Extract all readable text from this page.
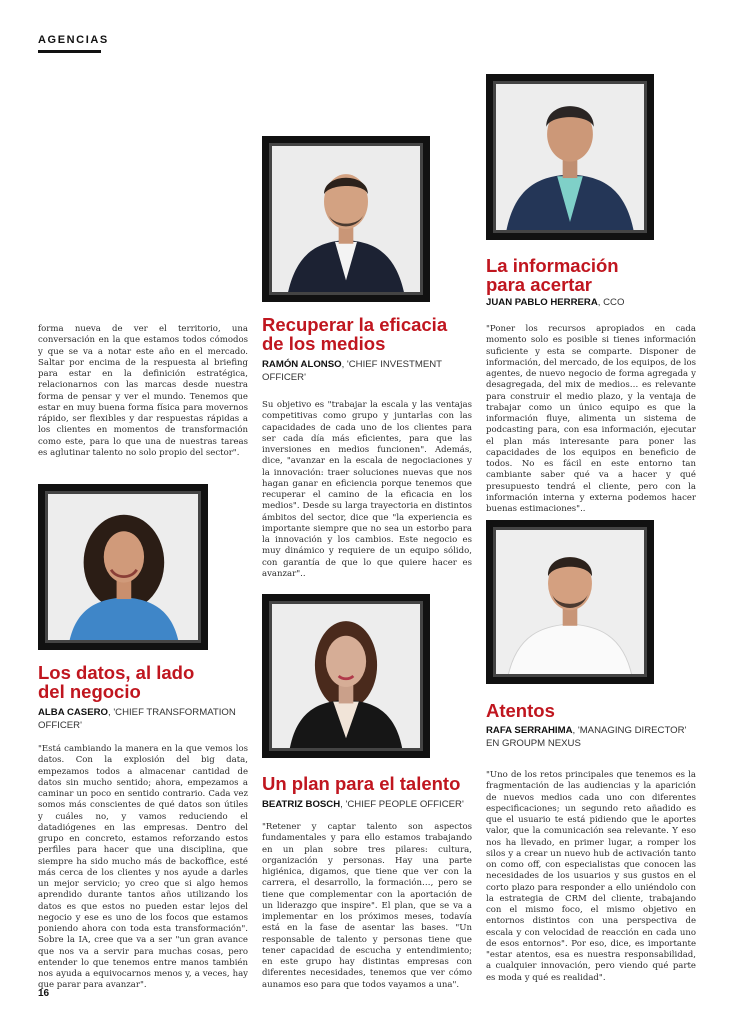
AGENCIAS

forma nueva de ver el territorio, una conversación en la que estamos todos cómodos y que se va a notar este año en el mercado. Saltar por encima de la respuesta al briefing para estar en la definición estratégica, relacionarnos con las marcas desde nuestra forma de pensar y ver el mundo. Tenemos que estar en muy buena forma física para movernos rápido, ser flexibles y dar respuestas rápidas a los clientes en momentos de transformación como este, para lo que una de nuestras tareas es aglutinar talento no solo propio del sector".

Recuperar la eficacia
de los medios
RAMÓN ALONSO, 'CHIEF INVESTMENT OFFICER'

Su objetivo es "trabajar la escala y las ventajas competitivas como grupo y juntarlas con las capacidades de cada uno de los clientes para ser cada día más eficientes, para que las inversiones en medios funcionen". Además, dice, "avanzar en la escala de negociaciones y la innovación: traer soluciones nuevas que nos hagan ganar en eficiencia porque tenemos que recuperar el camino de la eficacia en los medios". Desde su larga trayectoria en distintos ámbitos del sector, dice que "la experiencia es importante siempre que no sea un estorbo para la innovación y los cambios. Este negocio es muy dinámico y requiere de un equipo sólido, con garantía de que lo que quiere hacer es avanzar"..

La información
para acertar
JUAN PABLO HERRERA, CCO

"Poner los recursos apropiados en cada momento solo es posible si tienes información suficiente y esta se comparte. Disponer de información, del mercado, de los equipos, de los agentes, de nuevo negocio de forma agregada y desagregada, del mix de medios… es relevante para construir el medio plazo, y la ventaja de trabajar como un único equipo es que la información fluye, alimenta un sistema de podcasting para, con esa información, ejecutar el plan más interesante para poner las capacidades de los equipos en beneficio de todos. No es fácil en este entorno tan cambiante saber qué va a hacer y qué presupuesto tendrá el cliente, pero con la información interna y externa podemos hacer buenas estimaciones"..

Los datos, al lado
del negocio
ALBA CASERO, 'CHIEF TRANSFORMATION OFFICER'

"Está cambiando la manera en la que vemos los datos. Con la explosión del big data, empezamos todos a almacenar cantidad de datos sin mucho sentido; ahora, empezamos a caminar un poco en sentido contrario. Cada vez somos más conscientes de qué datos son útiles y cuáles no, y vamos reduciendo el datadiógenes en las empresas. Dentro del grupo en concreto, estamos reforzando estos perfiles para hacer que una disciplina, que siempre ha sido mucho más de backoffice, esté más cerca de los clientes y nos ayude a darles un mejor servicio; yo creo que si algo hemos aprendido durante tantos años utilizando los datos es que estos no pueden estar lejos del negocio y ese es uno de los focos que estamos poniendo ahora con toda esta transformación". Sobre la IA, cree que va a ser "un gran avance que nos va a servir para muchas cosas, pero entender lo que tenemos entre manos también nos ayuda a equivocarnos menos y, a veces, hay que parar para avanzar".

Un plan para el talento
BEATRIZ BOSCH, 'CHIEF PEOPLE OFFICER'

"Retener y captar talento son aspectos fundamentales y para ello estamos trabajando en un plan sobre tres pilares: cultura, organización y personas. Hay una parte higiénica, digamos, que tiene que ver con la carrera, el desarrollo, la formación…, pero se tiene que complementar con la aportación de un liderazgo que inspire". El plan, que se va a implementar en los próximos meses, todavía está en la fase de asentar las bases. "Un responsable de talento y personas tiene que tener capacidad de escucha y entendimiento; en este grupo hay distintas empresas con diferentes necesidades, tenemos que ver cómo aunamos eso para que todos vayamos a una".

Atentos
RAFA SERRAHIMA, 'MANAGING DIRECTOR' EN GROUPM NEXUS

"Uno de los retos principales que tenemos es la fragmentación de las audiencias y la aparición de nuevos medios cada uno con diferentes especificaciones; un segundo reto añadido es que el usuario te está pidiendo que le aportes valor, que la comunicación sea relevante. Y eso nos ha llevado, en primer lugar, a romper los silos y a crear un nuevo hub de activación tanto on como off, con especialistas que conocen las necesidades de los usuarios y sus gustos en el corto plazo para responder a ello uniéndolo con la estrategia de CRM del cliente, trabajando con el mismo foco, el mismo objetivo en entornos distintos con una perspectiva de escala y con velocidad de reacción en cada uno de esos entornos". Por eso, dice, es importante "estar atentos, esa es nuestra responsabilidad, a cualquier innovación, pero viendo qué parte es moda y qué es realidad".

16
